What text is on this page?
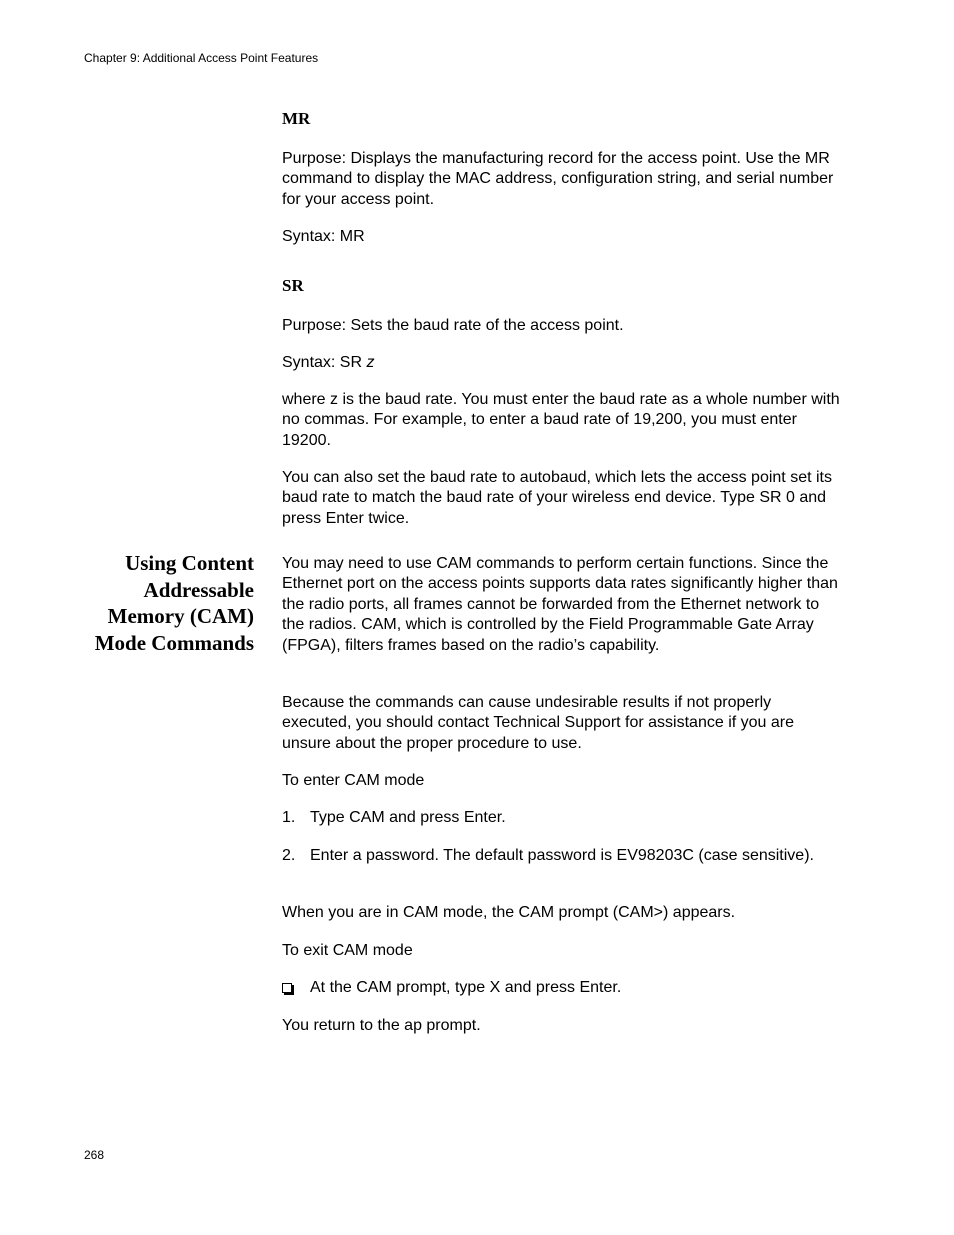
Chapter 9: Additional Access Point Features
MR

Purpose: Displays the manufacturing record for the access point. Use the MR command to display the MAC address, configuration string, and serial number for your access point.

Syntax: MR

SR

Purpose: Sets the baud rate of the access point.

Syntax: SR z

where z is the baud rate. You must enter the baud rate as a whole number with no commas. For example, to enter a baud rate of 19,200, you must enter 19200.

You can also set the baud rate to autobaud, which lets the access point set its baud rate to match the baud rate of your wireless end device. Type SR 0 and press Enter twice.

Using Content
Addressable
Memory (CAM)
Mode Commands

You may need to use CAM commands to perform certain functions. Since the Ethernet port on the access points supports data rates significantly higher than the radio ports, all frames cannot be forwarded from the Ethernet network to the radios. CAM, which is controlled by the Field Programmable Gate Array (FPGA), filters frames based on the radio’s capability.

Because the commands can cause undesirable results if not properly executed, you should contact Technical Support for assistance if you are unsure about the proper procedure to use.

To enter CAM mode

1. Type CAM and press Enter.
2. Enter a password. The default password is EV98203C (case sensitive).

When you are in CAM mode, the CAM prompt (CAM>) appears.

To exit CAM mode

At the CAM prompt, type X and press Enter.

You return to the ap prompt.

268
